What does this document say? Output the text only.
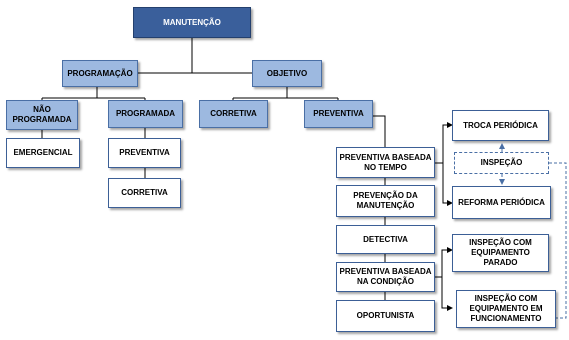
MANUTENÇÃO
PROGRAMAÇÃO	OBJETIVO
NÃO PROGRAMADA
PROGRAMADA
EMERGENCIAL	PREVENTIVA
CORRETIVA
CORRETIVA	PREVENTIVA
PREVENTIVA BASEADA NO TEMPO
PREVENÇÃO DA MANUTENÇÃO
DETECTIVA
PREVENTIVA BASEADA NA CONDIÇÃO
OPORTUNISTA
TROCA PERIÓDICA
INSPEÇÃO
REFORMA PERIÓDICA
INSPEÇÃO COM EQUIPAMENTO PARADO
INSPEÇÃO COM EQUIPAMENTO EM FUNCIONAMENTO
